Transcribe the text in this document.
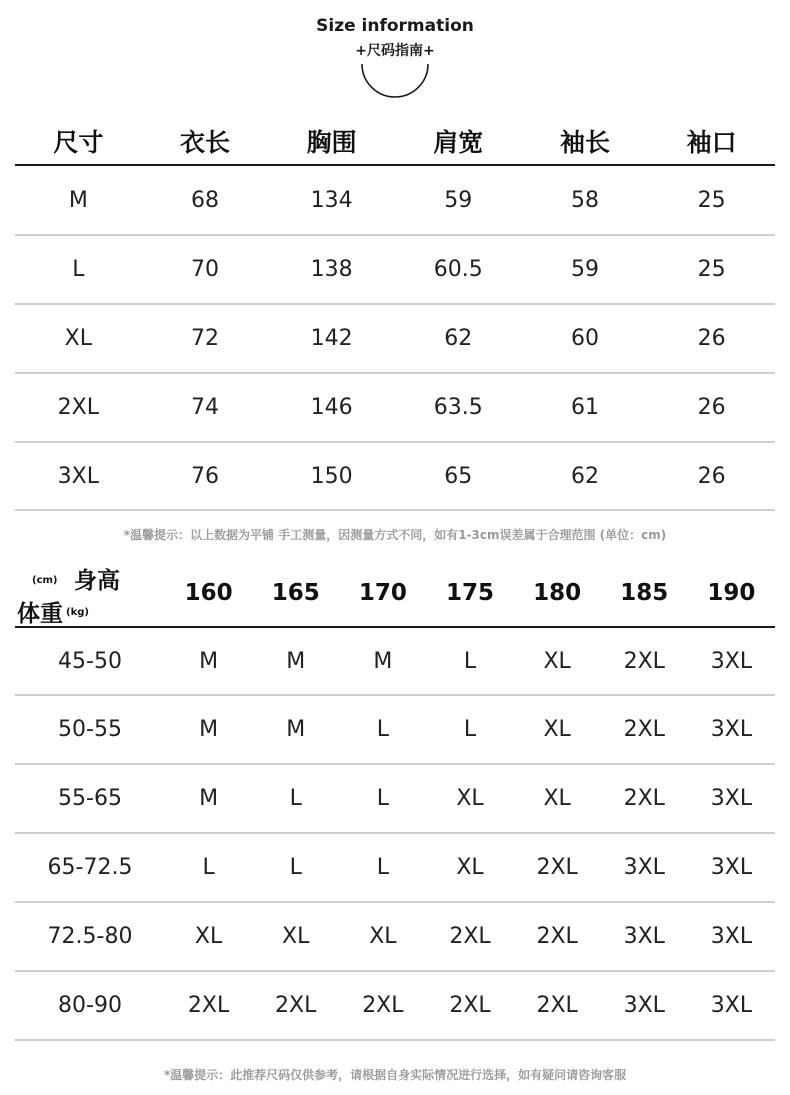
Size information
+尺码指南+
尺寸	衣长	胸围	肩宽	袖长	袖口
M	68	134	59	58	25
L	70	138	60.5	59	25
XL	72	142	62	60	26
2XL	74	146	63.5	61	26
3XL	76	150	65	62	26
*温馨提示：以上数据为平铺 手工测量，因测量方式不同，如有1-3cm误差属于合理范围 (单位：cm)
(cm) 身高
体重 (kg)	160	165	170	175	180	185	190
45-50	M	M	M	L	XL	2XL	3XL
50-55	M	M	L	L	XL	2XL	3XL
55-65	M	L	L	XL	XL	2XL	3XL
65-72.5	L	L	L	XL	2XL	3XL	3XL
72.5-80	XL	XL	XL	2XL	2XL	3XL	3XL
80-90	2XL	2XL	2XL	2XL	2XL	3XL	3XL
*温馨提示：此推荐尺码仅供参考，请根据自身实际情况进行选择，如有疑问请咨询客服
